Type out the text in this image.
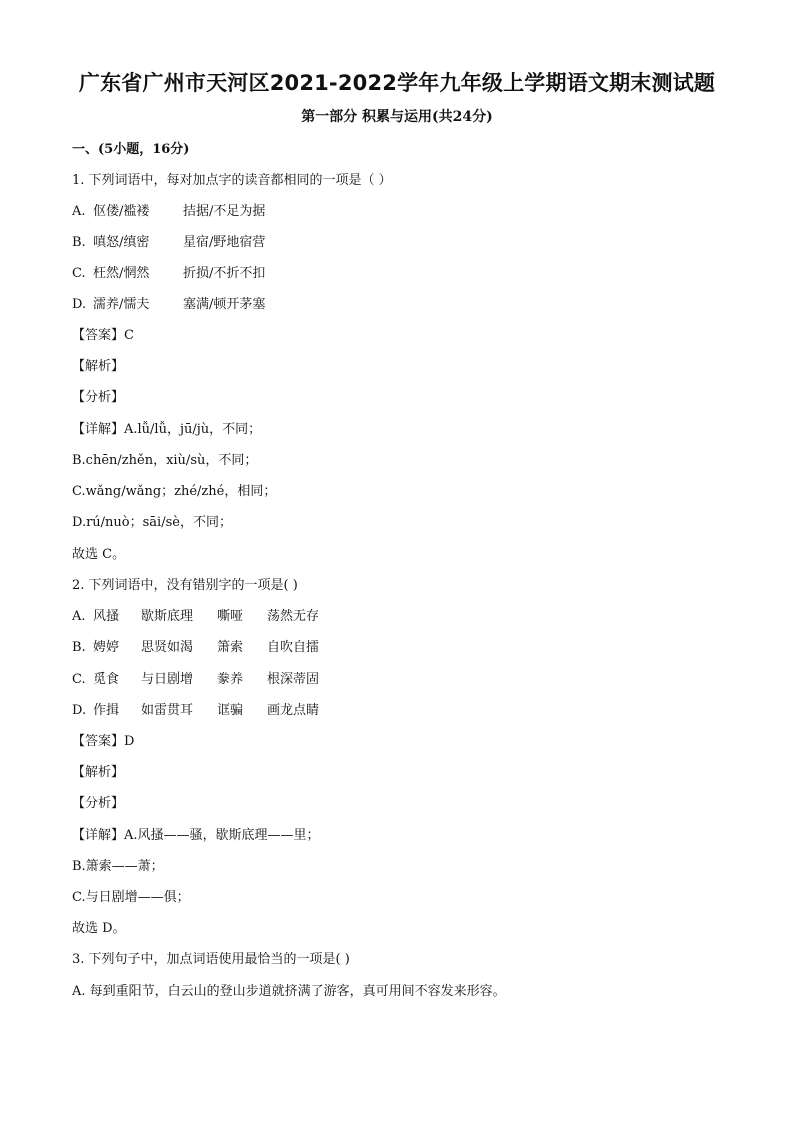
广东省广州市天河区2021-2022学年九年级上学期语文期末测试题
第一部分 积累与运用(共24分)
一、(5小题，16分)
1. 下列词语中，每对加点字的读音都相同的一项是（ ）
A. 伛偻/褴褛	拮据/不足为据
B. 嗔怒/缜密	星宿/野地宿营
C. 枉然/惘然	折损/不折不扣
D. 濡养/懦夫	塞满/顿开茅塞
【答案】C
【解析】
【分析】
【详解】A.lǚ/lǚ，jū/jù，不同；
B.chēn/zhěn，xiù/sù，不同；
C.wǎng/wǎng；zhé/zhé，相同；
D.rú/nuò；sāi/sè，不同；
故选 C。
2. 下列词语中，没有错别字的一项是( )
A. 风搔 歇斯底理 嘶哑 荡然无存
B. 娉婷 思贤如渴 箫索 自吹自擂
C. 觅食 与日剧增 豢养 根深蒂固
D. 作揖 如雷贯耳 诓骗 画龙点睛
【答案】D
【解析】
【分析】
【详解】A.风搔——骚，歇斯底理——里；
B.箫索——萧；
C.与日剧增——俱；
故选 D。
3. 下列句子中，加点词语使用最恰当的一项是( )
A. 每到重阳节，白云山的登山步道就挤满了游客，真可用间不容发来形容。
